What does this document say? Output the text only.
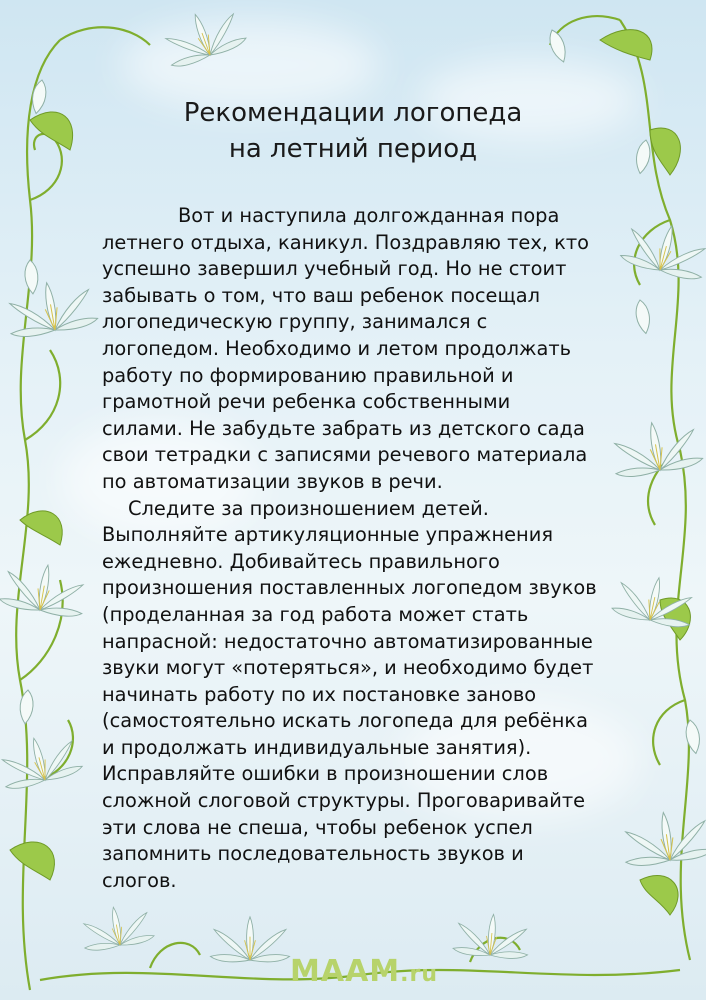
Рекомендации логопеда
на летний период
Вот и наступила долгожданная пора
летнего отдыха, каникул. Поздравляю тех, кто
успешно завершил учебный год. Но не стоит
забывать о том, что ваш ребенок посещал
логопедическую группу, занимался с
логопедом. Необходимо и летом продолжать
работу по формированию правильной и
грамотной речи ребенка собственными
силами. Не забудьте забрать из детского сада
свои тетрадки с записями речевого материала
по автоматизации звуков в речи.
Следите за произношением детей.
Выполняйте артикуляционные упражнения
ежедневно. Добивайтесь правильного
произношения поставленных логопедом звуков
(проделанная за год работа может стать
напрасной: недостаточно автоматизированные
звуки могут «потеряться», и необходимо будет
начинать работу по их постановке заново
(самостоятельно искать логопеда для ребёнка
и продолжать индивидуальные занятия).
Исправляйте ошибки в произношении слов
сложной слоговой структуры. Проговаривайте
эти слова не спеша, чтобы ребенок успел
запомнить последовательность звуков и
слогов.
MAAM.ru
